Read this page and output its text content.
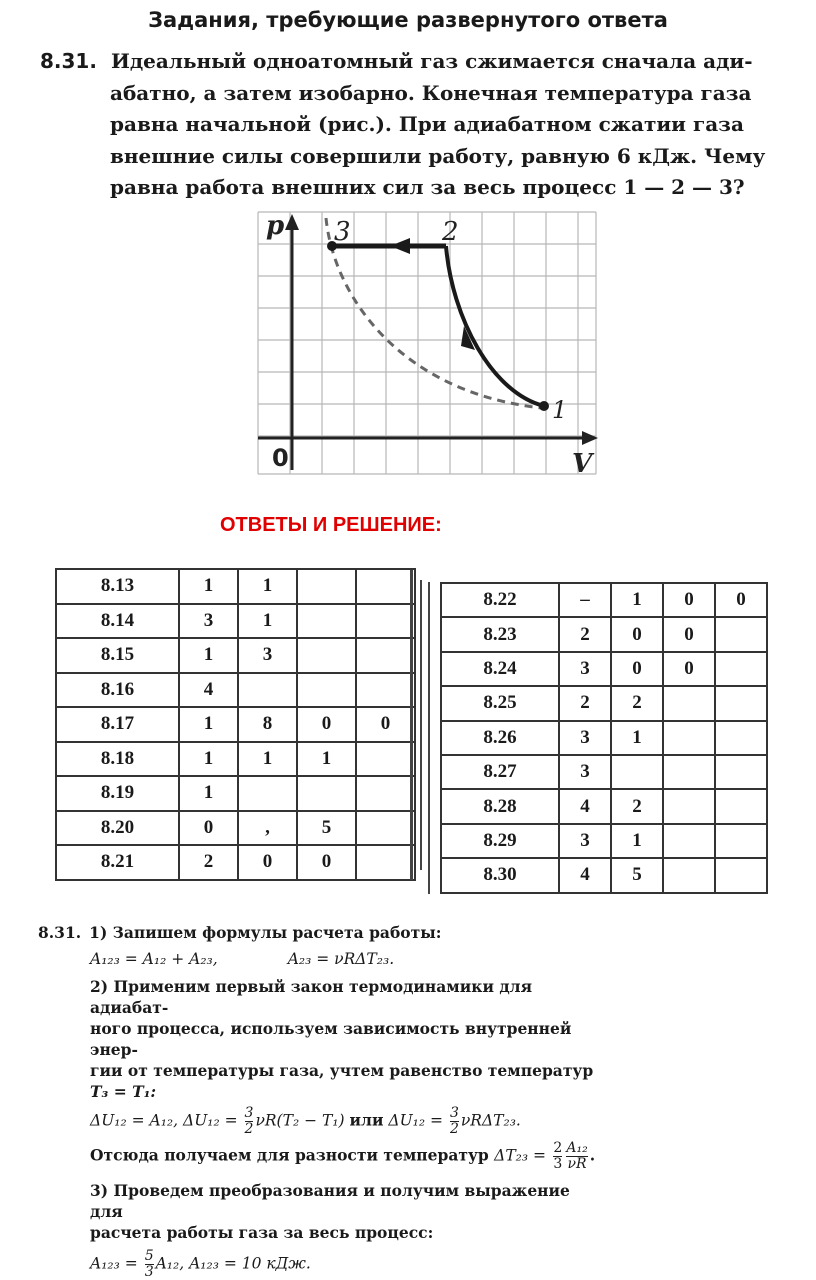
Задания, требующие развернутого ответа
8.31. Идеальный одноатомный газ сжимается сначала ади-
абатно, а затем изобарно. Конечная температура газа
равна начальной (рис.). При адиабатном сжатии газа
внешние силы совершили работу, равную 6 кДж. Чему
равна работа внешних сил за весь процесс 1 — 2 — 3?
p
V
0
3	2
1
ОТВЕТЫ И РЕШЕНИЕ:
8.13	1	1		
8.14	3	1		
8.15	1	3		
8.16	4			
8.17	1	8	0	0
8.18	1	1	1	
8.19	1			
8.20	0	,	5	
8.21	2	0	0	
8.22	–	1	0	0
8.23	2	0	0	
8.24	3	0	0	
8.25	2	2		
8.26	3	1		
8.27	3			
8.28	4	2		
8.29	3	1		
8.30	4	5		

8.31. 1) Запишем формулы расчета работы:

A₁₂₃ = A₁₂ + A₂₃,	A₂₃ = νRΔT₂₃.

2) Применим первый закон термодинамики для адиабат-
ного процесса, используем зависимость внутренней энер-
гии от температуры газа, учтем равенство температур
T₃ = T₁:

ΔU₁₂ = A₁₂, $\Delta U_{12} = \frac{3}{2} \nu R(T_2 - T_1)$ или $\Delta U_{12} = \frac{3}{2} \nu R\Delta T_{23}$.

Отсюда получаем для разности температур $\Delta T_{23} = \frac{2}{3} \frac{\text{A₁₂}}{\nu R}$ .

3) Проведем преобразования и получим выражение для
расчета работы газа за весь процесс:

$A_{123} = \frac{5}{3} A_{12}$, A₁₂₃ = 10 кДж.
